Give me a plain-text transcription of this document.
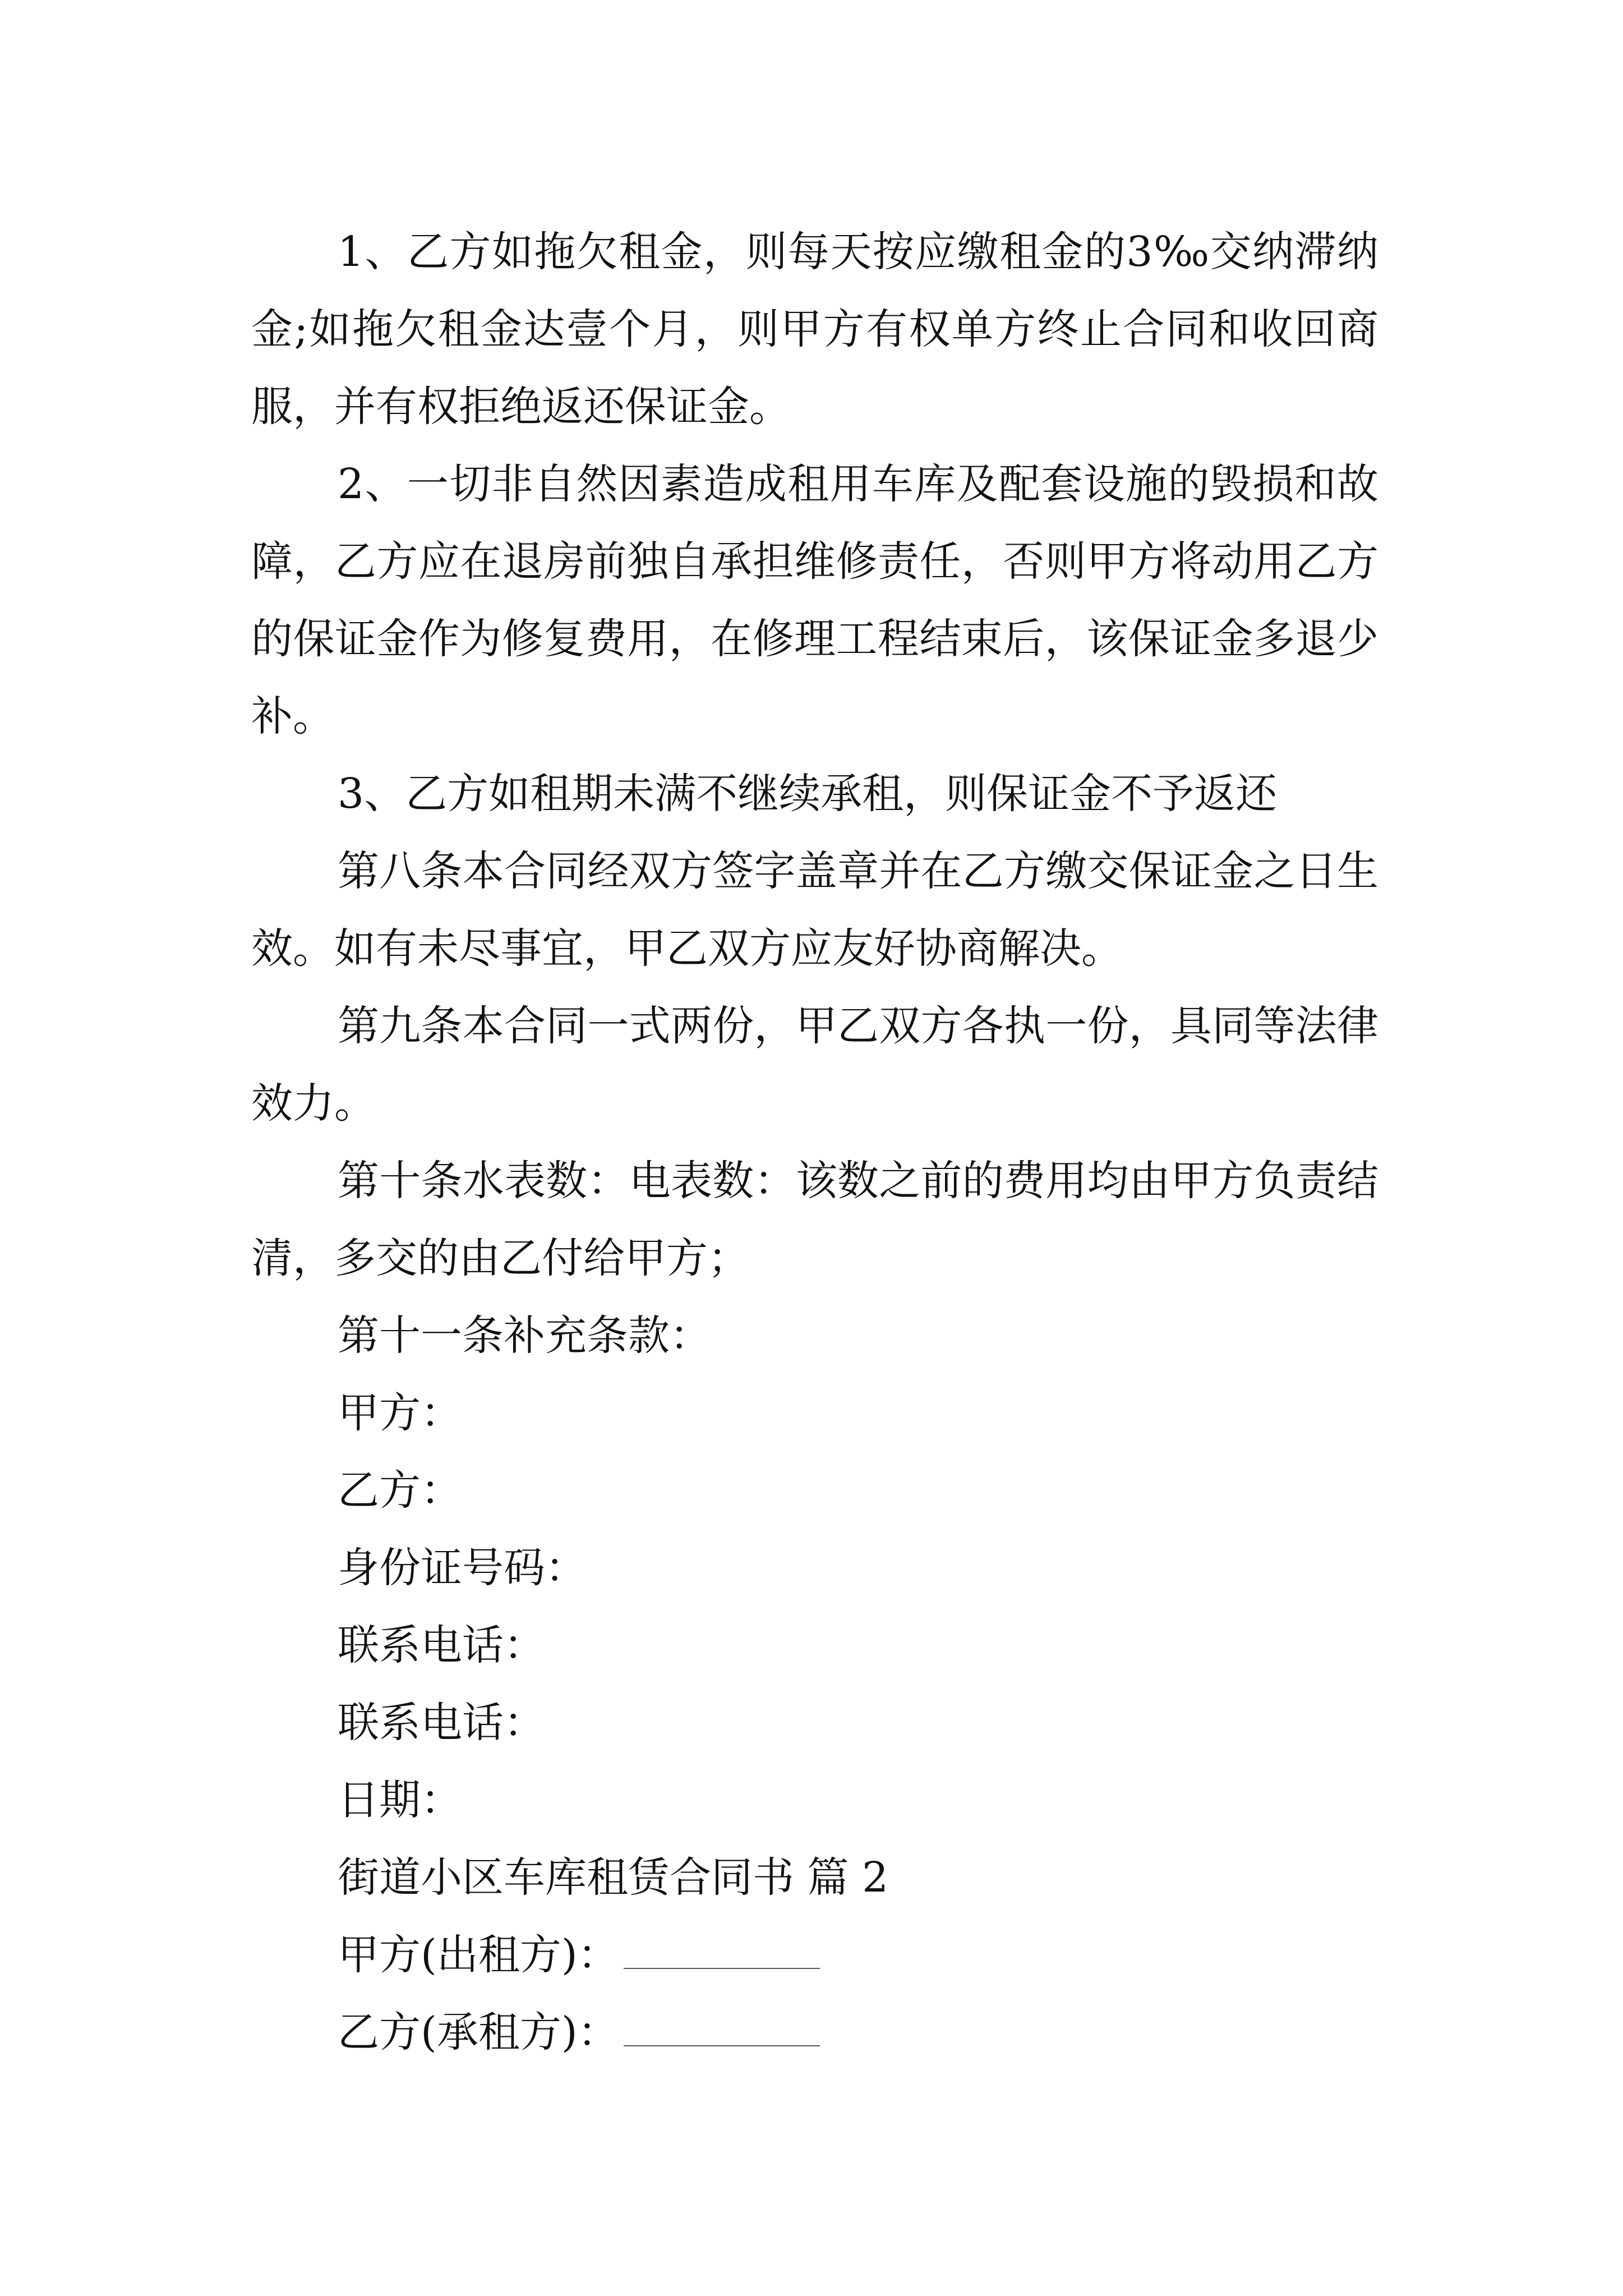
1、乙方如拖欠租金，则每天按应缴租金的3‰交纳滞纳金;如拖欠租金达壹个月，则甲方有权单方终止合同和收回商服，并有权拒绝返还保证金。

2、一切非自然因素造成租用车库及配套设施的毁损和故障，乙方应在退房前独自承担维修责任，否则甲方将动用乙方的保证金作为修复费用，在修理工程结束后，该保证金多退少补。

3、乙方如租期未满不继续承租，则保证金不予返还

第八条本合同经双方签字盖章并在乙方缴交保证金之日生效。如有未尽事宜，甲乙双方应友好协商解决。

第九条本合同一式两份，甲乙双方各执一份，具同等法律效力。

第十条水表数：电表数：该数之前的费用均由甲方负责结清，多交的由乙付给甲方；

第十一条补充条款：

甲方：

乙方：

身份证号码：

联系电话：

联系电话：

日期：

街道小区车库租赁合同书 篇 2

甲方(出租方)：

乙方(承租方)：
